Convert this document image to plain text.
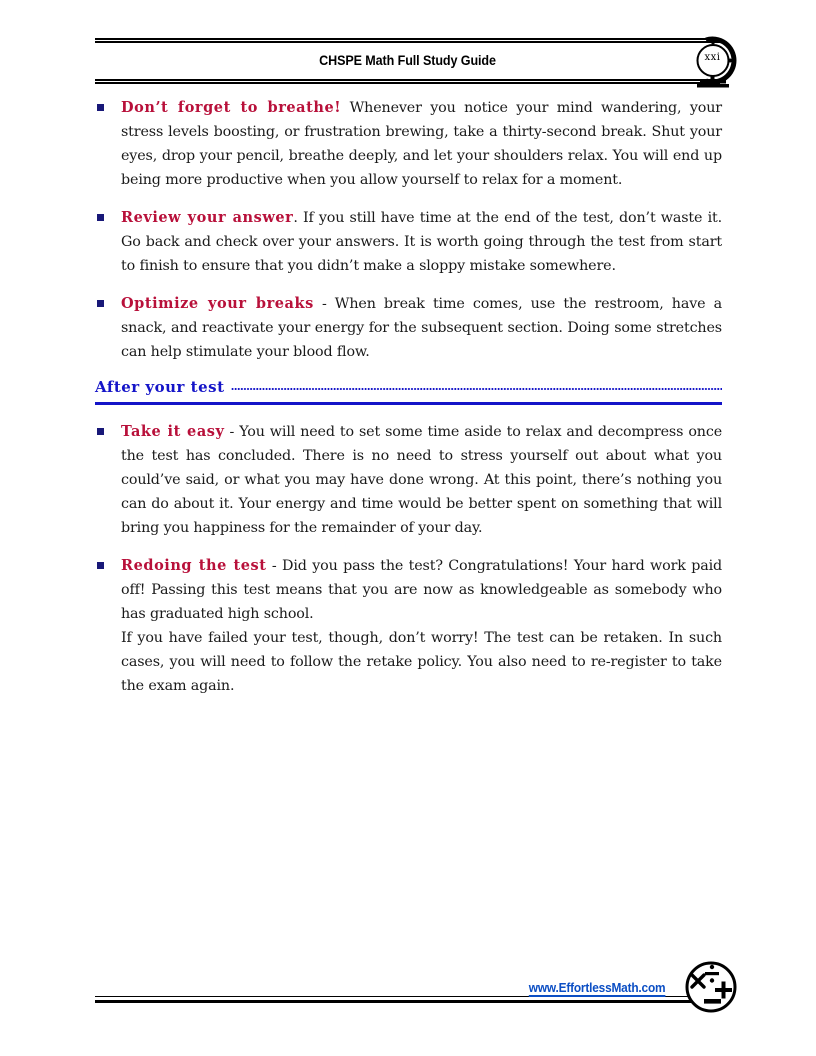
CHSPE Math Full Study Guide	xxi

Don’t forget to breathe! Whenever you notice your mind wandering, your stress levels boosting, or frustration brewing, take a thirty-second break. Shut your eyes, drop your pencil, breathe deeply, and let your shoulders relax. You will end up being more productive when you allow yourself to relax for a moment.

Review your answer. If you still have time at the end of the test, don’t waste it. Go back and check over your answers. It is worth going through the test from start to finish to ensure that you didn’t make a sloppy mistake somewhere.

Optimize your breaks - When break time comes, use the restroom, have a snack, and reactivate your energy for the subsequent section. Doing some stretches can help stimulate your blood flow.

After your test

Take it easy - You will need to set some time aside to relax and decompress once the test has concluded. There is no need to stress yourself out about what you could’ve said, or what you may have done wrong. At this point, there’s nothing you can do about it. Your energy and time would be better spent on something that will bring you happiness for the remainder of your day.

Redoing the test - Did you pass the test? Congratulations! Your hard work paid off! Passing this test means that you are now as knowledgeable as somebody who has graduated high school.

If you have failed your test, though, don’t worry! The test can be retaken. In such cases, you will need to follow the retake policy. You also need to re-register to take the exam again.

www.EffortlessMath.com
